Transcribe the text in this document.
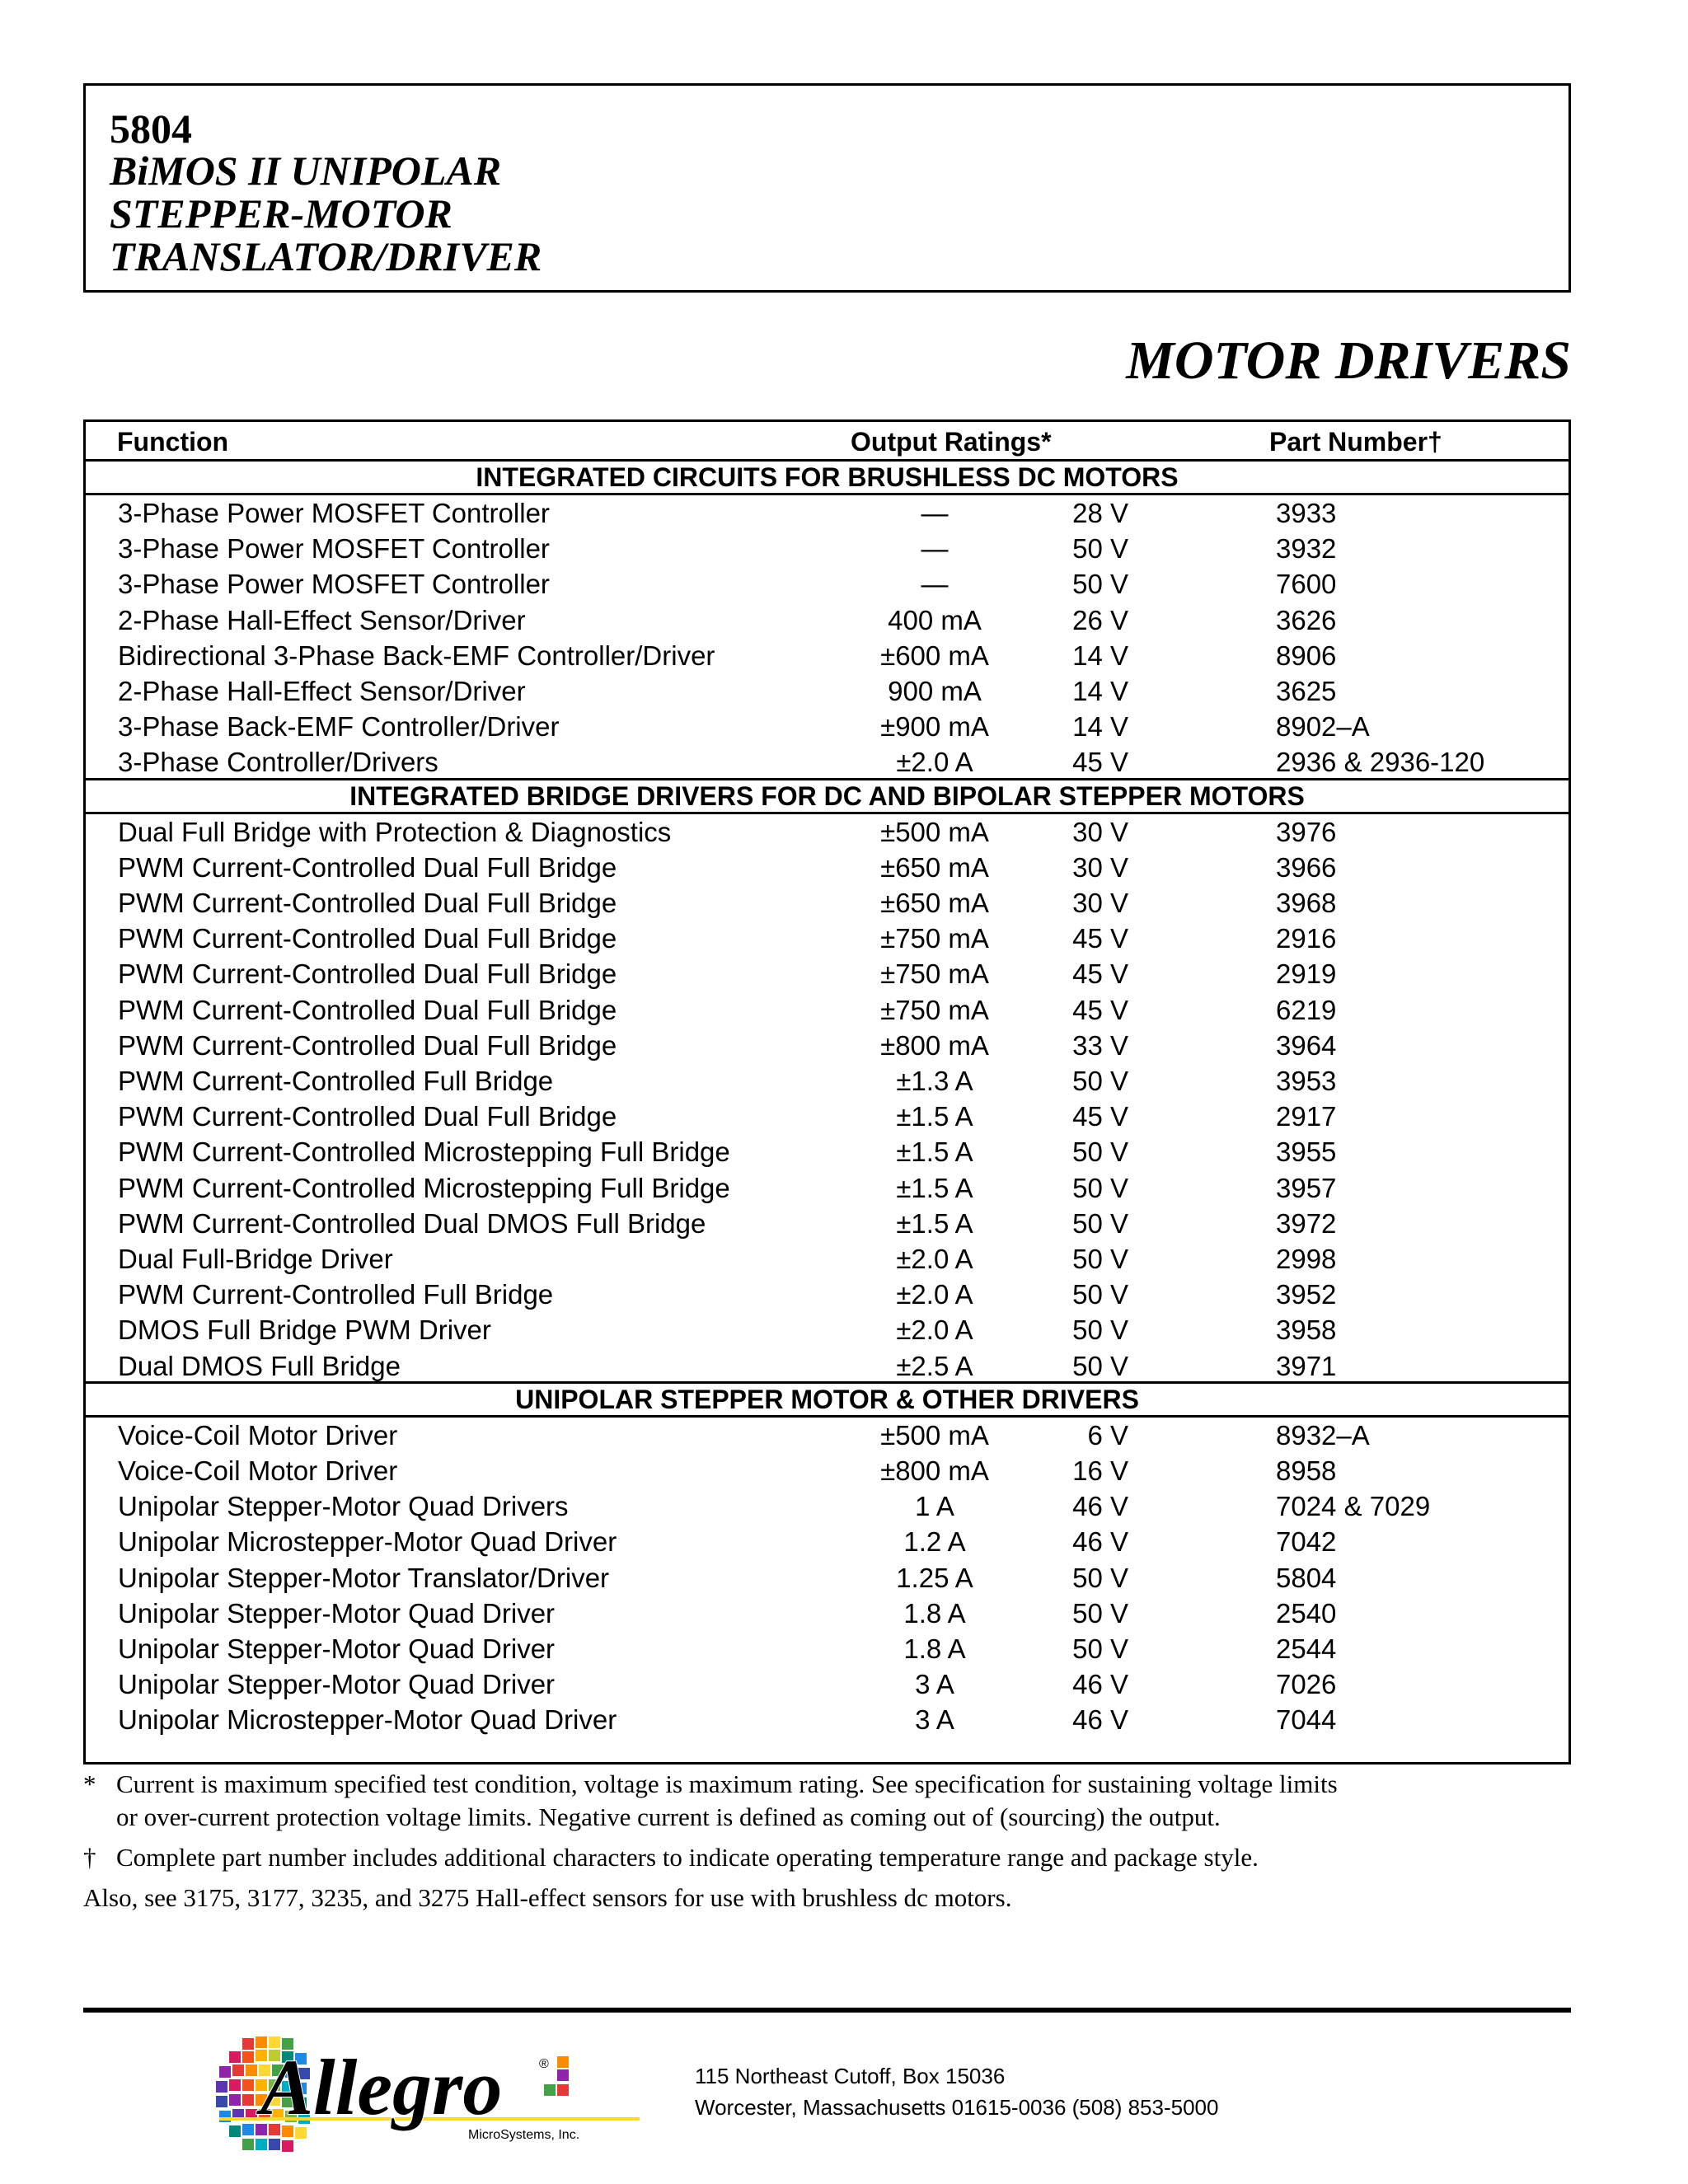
5804
BiMOS II UNIPOLAR
STEPPER-MOTOR
TRANSLATOR/DRIVER
MOTOR DRIVERS
Function	Output Ratings*	Part Number†
INTEGRATED CIRCUITS FOR BRUSHLESS DC MOTORS
3-Phase Power MOSFET Controller	—	28 V	3933
3-Phase Power MOSFET Controller	—	50 V	3932
3-Phase Power MOSFET Controller	—	50 V	7600
2-Phase Hall-Effect Sensor/Driver	400 mA	26 V	3626
Bidirectional 3-Phase Back-EMF Controller/Driver	±600 mA	14 V	8906
2-Phase Hall-Effect Sensor/Driver	900 mA	14 V	3625
3-Phase Back-EMF Controller/Driver	±900 mA	14 V	8902–A
3-Phase Controller/Drivers	±2.0 A	45 V	2936 & 2936-120
INTEGRATED BRIDGE DRIVERS FOR DC AND BIPOLAR STEPPER MOTORS
Dual Full Bridge with Protection & Diagnostics	±500 mA	30 V	3976
PWM Current-Controlled Dual Full Bridge	±650 mA	30 V	3966
PWM Current-Controlled Dual Full Bridge	±650 mA	30 V	3968
PWM Current-Controlled Dual Full Bridge	±750 mA	45 V	2916
PWM Current-Controlled Dual Full Bridge	±750 mA	45 V	2919
PWM Current-Controlled Dual Full Bridge	±750 mA	45 V	6219
PWM Current-Controlled Dual Full Bridge	±800 mA	33 V	3964
PWM Current-Controlled Full Bridge	±1.3 A	50 V	3953
PWM Current-Controlled Dual Full Bridge	±1.5 A	45 V	2917
PWM Current-Controlled Microstepping Full Bridge	±1.5 A	50 V	3955
PWM Current-Controlled Microstepping Full Bridge	±1.5 A	50 V	3957
PWM Current-Controlled Dual DMOS Full Bridge	±1.5 A	50 V	3972
Dual Full-Bridge Driver	±2.0 A	50 V	2998
PWM Current-Controlled Full Bridge	±2.0 A	50 V	3952
DMOS Full Bridge PWM Driver	±2.0 A	50 V	3958
Dual DMOS Full Bridge	±2.5 A	50 V	3971
UNIPOLAR STEPPER MOTOR & OTHER DRIVERS
Voice-Coil Motor Driver	±500 mA	6 V	8932–A
Voice-Coil Motor Driver	±800 mA	16 V	8958
Unipolar Stepper-Motor Quad Drivers	1 A	46 V	7024 & 7029
Unipolar Microstepper-Motor Quad Driver	1.2 A	46 V	7042
Unipolar Stepper-Motor Translator/Driver	1.25 A	50 V	5804
Unipolar Stepper-Motor Quad Driver	1.8 A	50 V	2540
Unipolar Stepper-Motor Quad Driver	1.8 A	50 V	2544
Unipolar Stepper-Motor Quad Driver	3 A	46 V	7026
Unipolar Microstepper-Motor Quad Driver	3 A	46 V	7044
* Current is maximum specified test condition, voltage is maximum rating. See specification for sustaining voltage limits
or over-current protection voltage limits. Negative current is defined as coming out of (sourcing) the output.
† Complete part number includes additional characters to indicate operating temperature range and package style.
Also, see 3175, 3177, 3235, and 3275 Hall-effect sensors for use with brushless dc motors.
Allegro	®
MicroSystems, Inc.
115 Northeast Cutoff, Box 15036
Worcester, Massachusetts 01615-0036 (508) 853-5000
